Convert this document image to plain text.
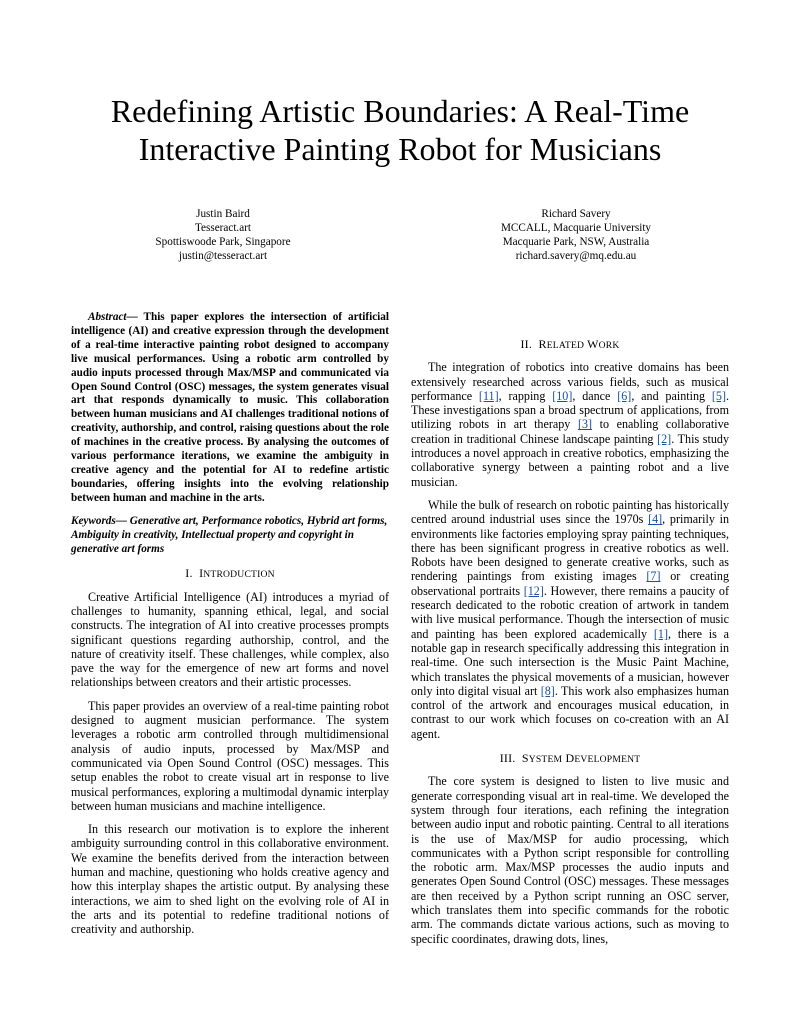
Redefining Artistic Boundaries: A Real-Time
Interactive Painting Robot for Musicians
Justin Baird
Tesseract.art
Spottiswoode Park, Singapore
justin@tesseract.art
Richard Savery
MCCALL, Macquarie University
Macquarie Park, NSW, Australia
richard.savery@mq.edu.au

Abstract— This paper explores the intersection of artificial intelligence (AI) and creative expression through the development of a real-time interactive painting robot designed to accompany live musical performances. Using a robotic arm controlled by audio inputs processed through Max/MSP and communicated via Open Sound Control (OSC) messages, the system generates visual art that responds dynamically to music. This collaboration between human musicians and AI challenges traditional notions of creativity, authorship, and control, raising questions about the role of machines in the creative process. By analysing the outcomes of various performance iterations, we examine the ambiguity in creative agency and the potential for AI to redefine artistic boundaries, offering insights into the evolving relationship between human and machine in the arts.

Keywords— Generative art, Performance robotics, Hybrid art forms, Ambiguity in creativity, Intellectual property and copyright in generative art forms

I. INTRODUCTION

Creative Artificial Intelligence (AI) introduces a myriad of challenges to humanity, spanning ethical, legal, and social constructs. The integration of AI into creative processes prompts significant questions regarding authorship, control, and the nature of creativity itself. These challenges, while complex, also pave the way for the emergence of new art forms and novel relationships between creators and their artistic processes.

This paper provides an overview of a real-time painting robot designed to augment musician performance. The system leverages a robotic arm controlled through multidimensional analysis of audio inputs, processed by Max/MSP and communicated via Open Sound Control (OSC) messages. This setup enables the robot to create visual art in response to live musical performances, exploring a multimodal dynamic interplay between human musicians and machine intelligence.

In this research our motivation is to explore the inherent ambiguity surrounding control in this collaborative environment. We examine the benefits derived from the interaction between human and machine, questioning who holds creative agency and how this interplay shapes the artistic output. By analysing these interactions, we aim to shed light on the evolving role of AI in the arts and its potential to redefine traditional notions of creativity and authorship.

II. RELATED WORK

The integration of robotics into creative domains has been extensively researched across various fields, such as musical performance [11], rapping [10], dance [6], and painting [5]. These investigations span a broad spectrum of applications, from utilizing robots in art therapy [3] to enabling collaborative creation in traditional Chinese landscape painting [2]. This study introduces a novel approach in creative robotics, emphasizing the collaborative synergy between a painting robot and a live musician.

While the bulk of research on robotic painting has historically centred around industrial uses since the 1970s [4], primarily in environments like factories employing spray painting techniques, there has been significant progress in creative robotics as well. Robots have been designed to generate creative works, such as rendering paintings from existing images [7] or creating observational portraits [12]. However, there remains a paucity of research dedicated to the robotic creation of artwork in tandem with live musical performance. Though the intersection of music and painting has been explored academically [1], there is a notable gap in research specifically addressing this integration in real-time. One such intersection is the Music Paint Machine, which translates the physical movements of a musician, however only into digital visual art [8]. This work also emphasizes human control of the artwork and encourages musical education, in contrast to our work which focuses on co-creation with an AI agent.

III. SYSTEM DEVELOPMENT

The core system is designed to listen to live music and generate corresponding visual art in real-time. We developed the system through four iterations, each refining the integration between audio input and robotic painting. Central to all iterations is the use of Max/MSP for audio processing, which communicates with a Python script responsible for controlling the robotic arm. Max/MSP processes the audio inputs and generates Open Sound Control (OSC) messages. These messages are then received by a Python script running an OSC server, which translates them into specific commands for the robotic arm. The commands dictate various actions, such as moving to specific coordinates, drawing dots, lines,
